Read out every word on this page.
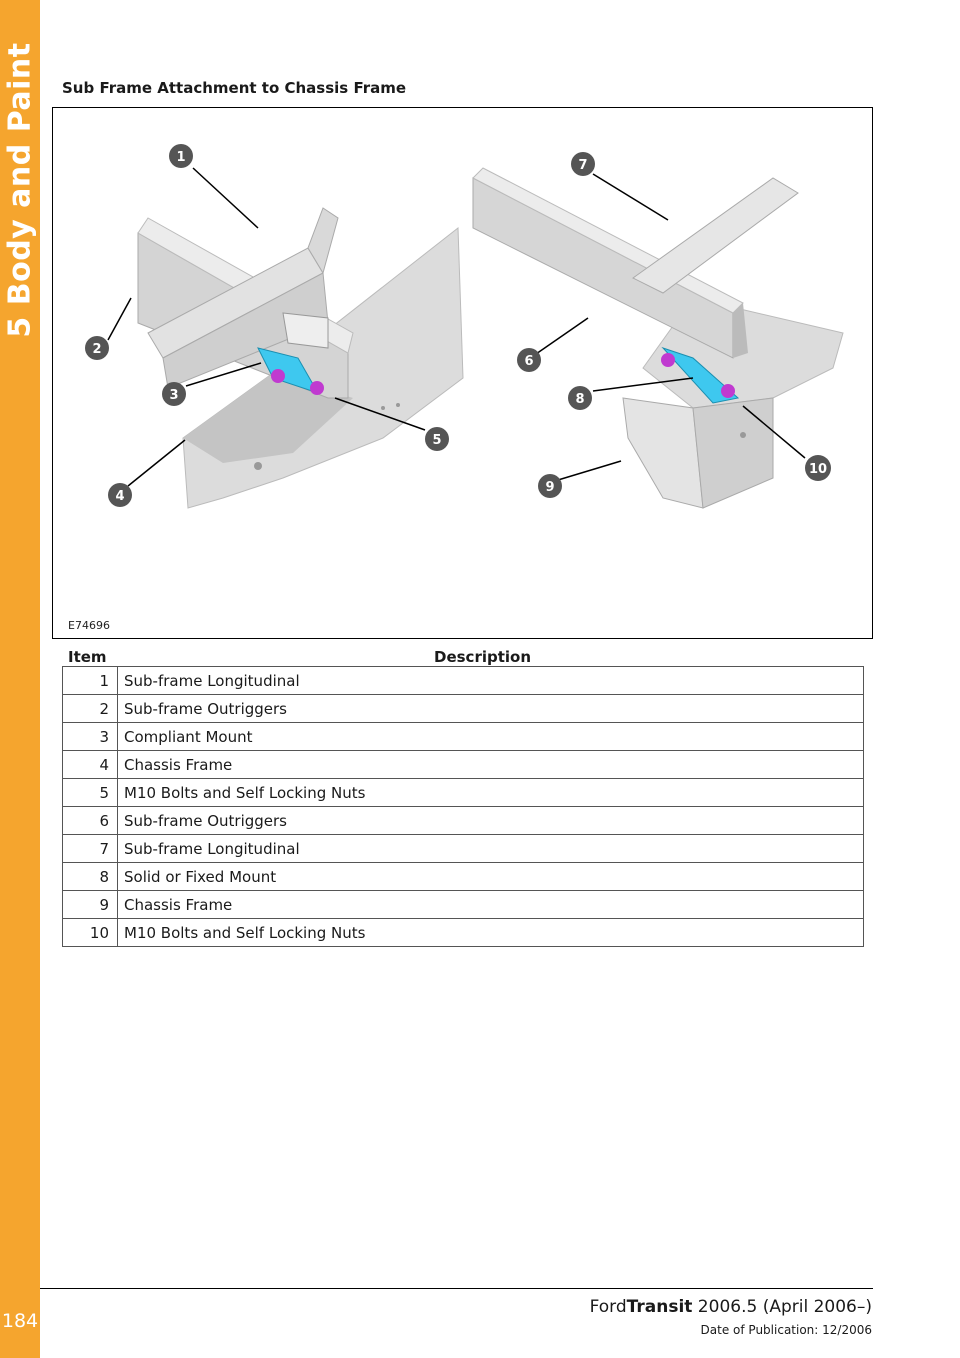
5 Body and Paint
184
Sub Frame Attachment to Chassis Frame
1
2
3
4
5
6
7
8
9
10
E74696
Item	Description
1	Sub-frame Longitudinal
2	Sub-frame Outriggers
3	Compliant Mount
4	Chassis Frame
5	M10 Bolts and Self Locking Nuts
6	Sub-frame Outriggers
7	Sub-frame Longitudinal
8	Solid or Fixed Mount
9	Chassis Frame
10	M10 Bolts and Self Locking Nuts
FordTransit 2006.5 (April 2006–)
Date of Publication: 12/2006
